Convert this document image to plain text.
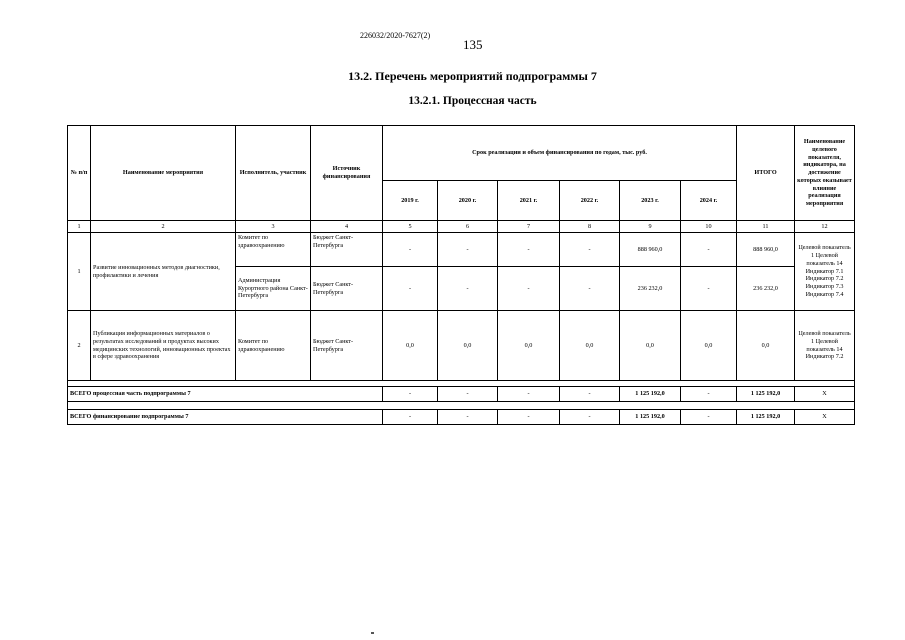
226032/2020-7627(2)
135
13.2. Перечень мероприятий подпрограммы 7
13.2.1. Процессная часть
№ п/п	Наименование мероприятия	Исполнитель, участник	Источник финансирования	Срок реализации и объем финансирования по годам, тыс. руб.						ИТОГО	Наименование целевого показателя, индикатора, на достижение которых оказывает влияние реализация мероприятия
				2019 г.	2020 г.	2021 г.	2022 г.	2023 г.	2024 г.		
1	2	3	4	5	6	7	8	9	10	11	12
1	Развитие инновационных методов диагностики, профилактики и лечения	Комитет по здравоохранению	Бюджет Санкт-Петербурга	-	-	-	-	888 960,0	-	888 960,0	Целевой показатель 1 Целевой показатель 14 Индикатор 7.1 Индикатор 7.2 Индикатор 7.3 Индикатор 7.4
		Администрация Курортного района Санкт-Петербурга	Бюджет Санкт-Петербурга	-	-	-	-	236 232,0	-	236 232,0	
2	Публикация информационных материалов о результатах исследований и продуктах высоких медицинских технологий, инновационных проектах в сфере здравоохранения	Комитет по здравоохранению	Бюджет Санкт-Петербурга	0,0	0,0	0,0	0,0	0,0	0,0	0,0	Целевой показатель 1 Целевой показатель 14 Индикатор 7.2

ВСЕГО процессная часть подпрограммы 7				-	-	-	-	1 125 192,0	-	1 125 192,0	Х

ВСЕГО финансирование подпрограммы 7				-	-	-	-	1 125 192,0	-	1 125 192,0	Х
